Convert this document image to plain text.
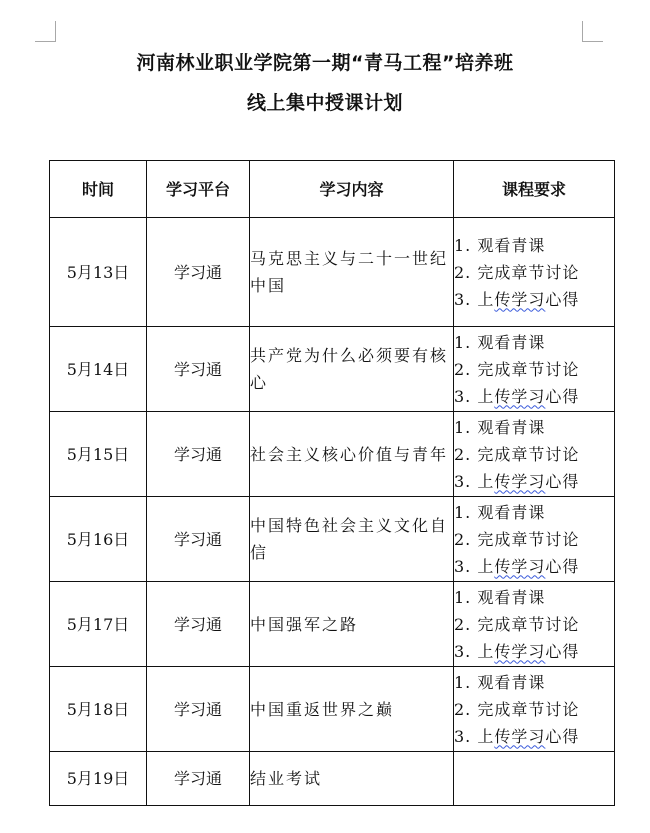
河南林业职业学院第一期“青马工程”培养班
线上集中授课计划
时间	学习平台	学习内容	课程要求
5月13日	学习通	马克思主义与二十一世纪中国	1. 观看青课
2. 完成章节讨论
3. 上传学习心得

5月14日	学习通	共产党为什么必须要有核心	1. 观看青课
2. 完成章节讨论
3. 上传学习心得

5月15日	学习通	社会主义核心价值与青年	1. 观看青课
2. 完成章节讨论
3. 上传学习心得

5月16日	学习通	中国特色社会主义文化自信	1. 观看青课
2. 完成章节讨论
3. 上传学习心得

5月17日	学习通	中国强军之路	1. 观看青课
2. 完成章节讨论
3. 上传学习心得

5月18日	学习通	中国重返世界之巅	1. 观看青课
2. 完成章节讨论
3. 上传学习心得

5月19日	学习通	结业考试	
